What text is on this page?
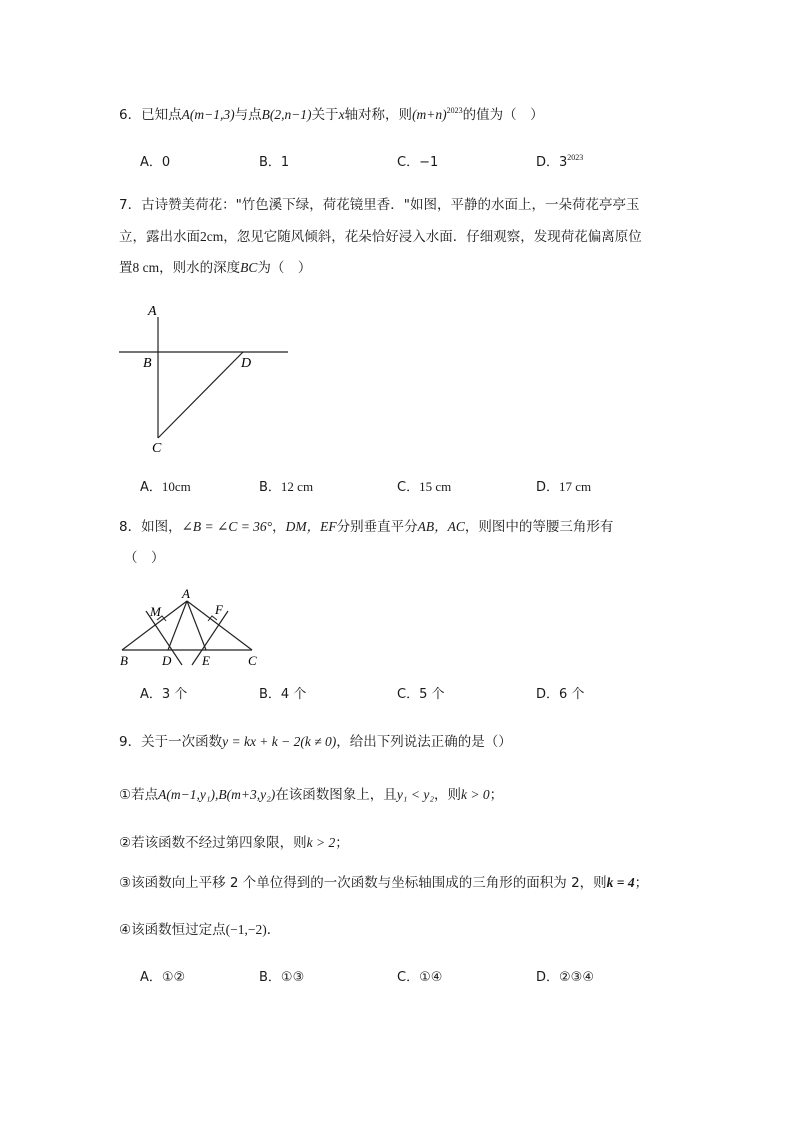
6．已知点A(m−1,3)与点B(2,n−1)关于x轴对称，则$(m+n)^{2023}$的值为（　）
A．0	B．1	C．−1	D．$3^{2023}$
7．古诗赞美荷花："竹色溪下绿，荷花镜里香．"如图，平静的水面上，一朵荷花亭亭玉
立，露出水面2cm，忽见它随风倾斜，花朵恰好浸入水面．仔细观察，发现荷花偏离原位
置8 cm，则水的深度BC为（　）
A
B	D
C
A．10cm	B．12 cm	C．15 cm	D．17 cm
8．如图，∠B = ∠C = 36°，DM，EF分别垂直平分AB，AC，则图中的等腰三角形有
（　）
A
M	F
B	D E	C
A．3 个	B．4 个	C．5 个	D．6 个
9．关于一次函数y = kx + k − 2(k ≠ 0)，给出下列说法正确的是（）
①若点A(m−1,y₁),B(m+3,y₂)在该函数图象上，且y₁ < y₂，则k > 0；
②若该函数不经过第四象限，则k > 2；
③该函数向上平移 2 个单位得到的一次函数与坐标轴围成的三角形的面积为 2，则k = 4；
④该函数恒过定点(−1,−2)．
A．①②	B．①③	C．①④	D．②③④
